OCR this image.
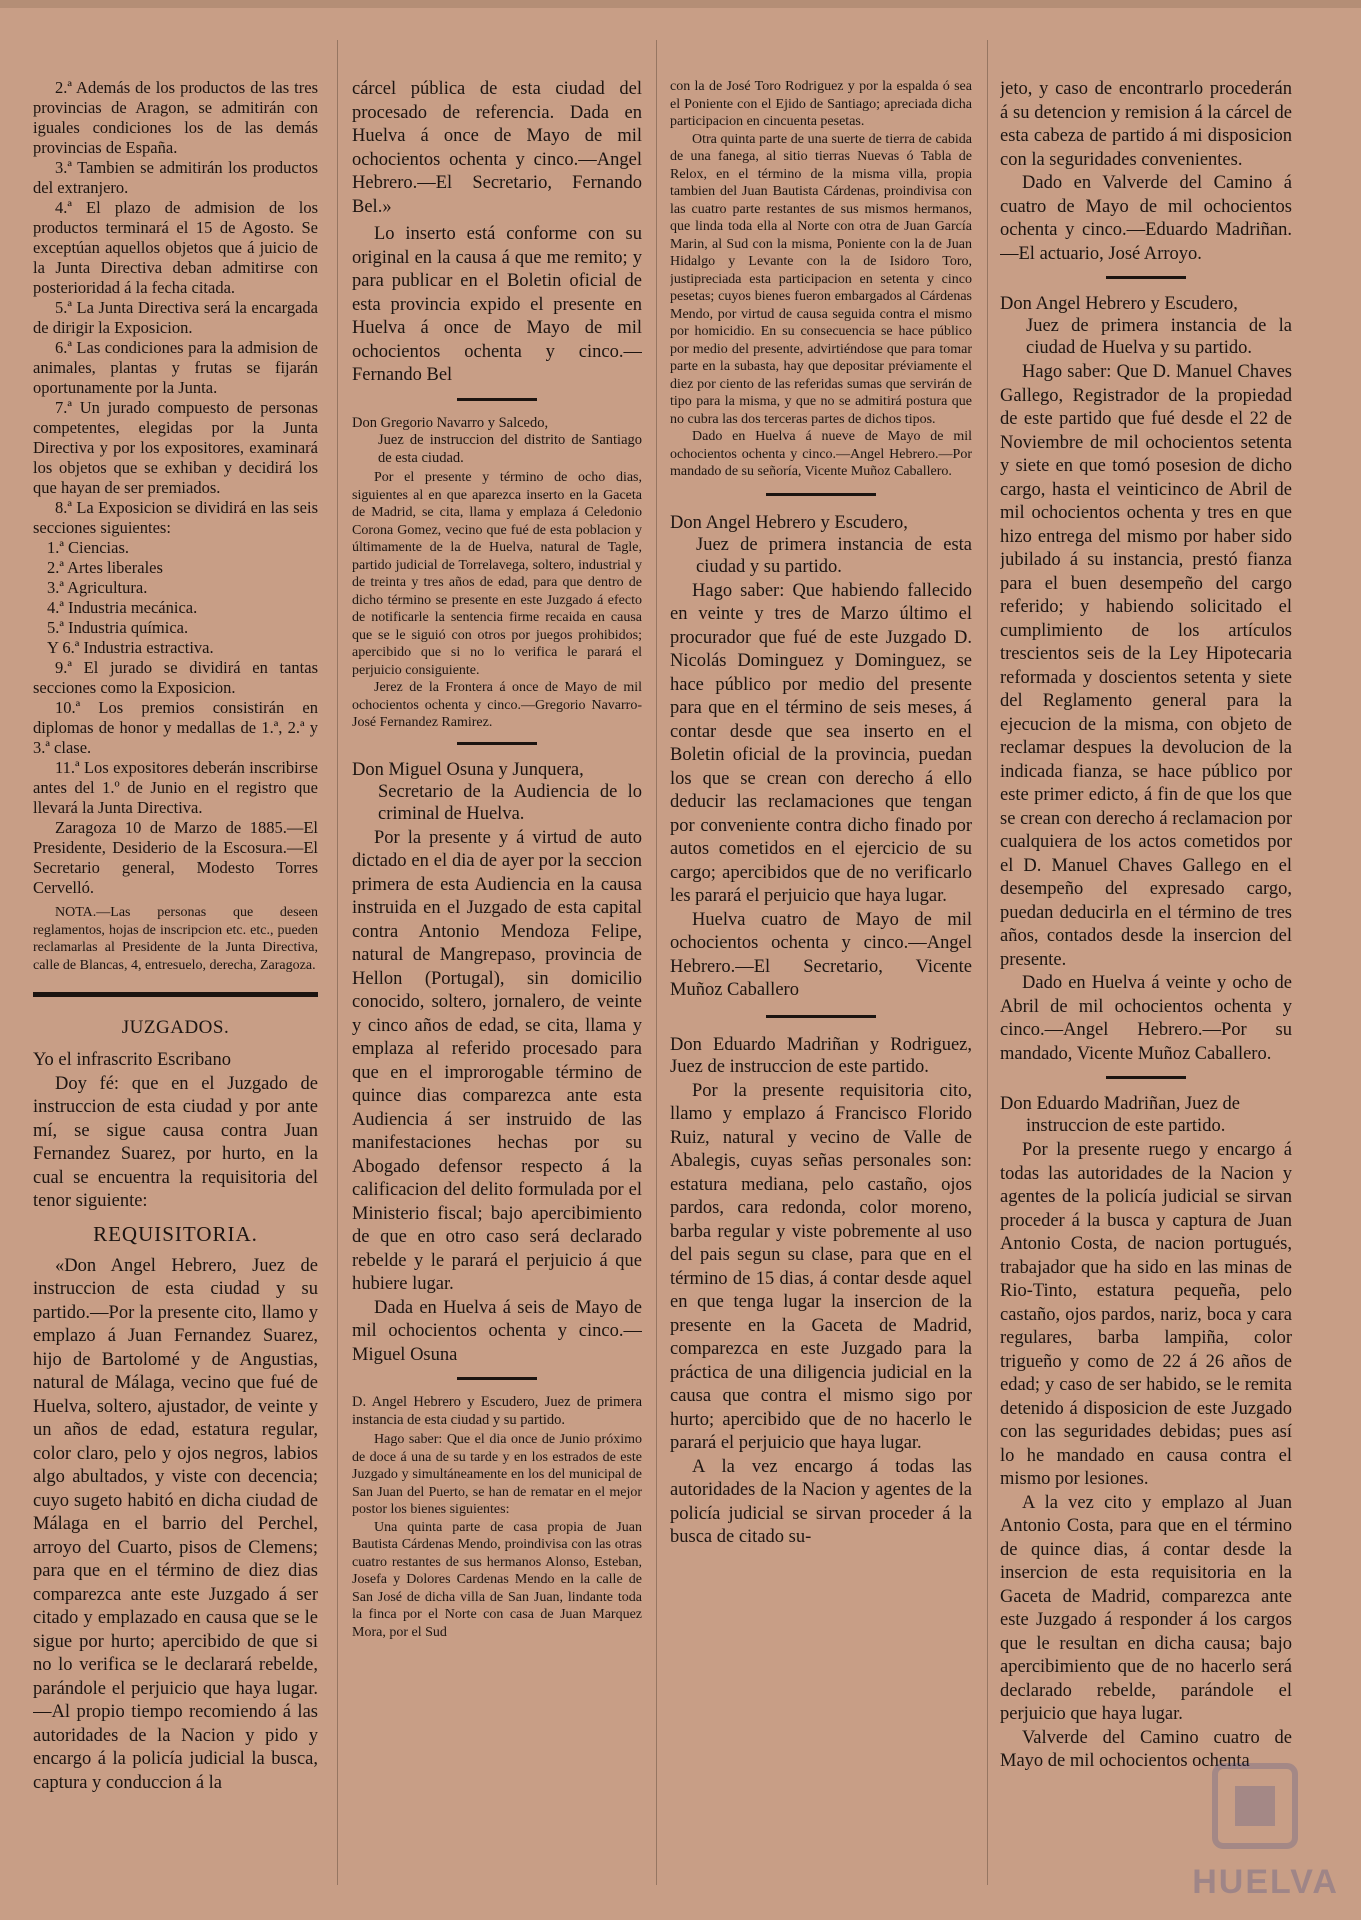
2.ª Además de los productos de las tres provincias de Aragon, se admitirán con iguales condiciones los de las demás provincias de España.

3.ª Tambien se admitirán los productos del extranjero.

4.ª El plazo de admision de los productos terminará el 15 de Agosto. Se exceptúan aquellos objetos que á juicio de la Junta Directiva deban admitirse con posterioridad á la fecha citada.

5.ª La Junta Directiva será la encargada de dirigir la Exposicion.

6.ª Las condiciones para la admision de animales, plantas y frutas se fijarán oportunamente por la Junta.

7.ª Un jurado compuesto de personas competentes, elegidas por la Junta Directiva y por los expositores, examinará los objetos que se exhiban y decidirá los que hayan de ser premiados.

8.ª La Exposicion se dividirá en las seis secciones siguientes:

1.ª Ciencias.
2.ª Artes liberales
3.ª Agricultura.
4.ª Industria mecánica.
5.ª Industria química.
Y 6.ª Industria estractiva.

9.ª El jurado se dividirá en tantas secciones como la Exposicion.

10.ª Los premios consistirán en diplomas de honor y medallas de 1.ª, 2.ª y 3.ª clase.

11.ª Los expositores deberán inscribirse antes del 1.º de Junio en el registro que llevará la Junta Directiva.

Zaragoza 10 de Marzo de 1885.—El Presidente, Desiderio de la Escosura.—El Secretario general, Modesto Torres Cervelló.

NOTA.—Las personas que deseen reglamentos, hojas de inscripcion etc. etc., pueden reclamarlas al Presidente de la Junta Directiva, calle de Blancas, 4, entresuelo, derecha, Zaragoza.

JUZGADOS.

Yo el infrascrito Escribano

Doy fé: que en el Juzgado de instruccion de esta ciudad y por ante mí, se sigue causa contra Juan Fernandez Suarez, por hurto, en la cual se encuentra la requisitoria del tenor siguiente:

REQUISITORIA.

«Don Angel Hebrero, Juez de instruccion de esta ciudad y su partido.—Por la presente cito, llamo y emplazo á Juan Fernandez Suarez, hijo de Bartolomé y de Angustias, natural de Málaga, vecino que fué de Huelva, soltero, ajustador, de veinte y un años de edad, estatura regular, color claro, pelo y ojos negros, labios algo abultados, y viste con decencia; cuyo sugeto habitó en dicha ciudad de Málaga en el barrio del Perchel, arroyo del Cuarto, pisos de Clemens; para que en el término de diez dias comparezca ante este Juzgado á ser citado y emplazado en causa que se le sigue por hurto; apercibido de que si no lo verifica se le declarará rebelde, parándole el perjuicio que haya lugar.—Al propio tiempo recomiendo á las autoridades de la Nacion y pido y encargo á la policía judicial la busca, captura y conduccion á la

cárcel pública de esta ciudad del procesado de referencia. Dada en Huelva á once de Mayo de mil ochocientos ochenta y cinco.—Angel Hebrero.—El Secretario, Fernando Bel.»

Lo inserto está conforme con su original en la causa á que me remito; y para publicar en el Boletin oficial de esta provincia expido el presente en Huelva á once de Mayo de mil ochocientos ochenta y cinco.—Fernando Bel

Don Gregorio Navarro y Salcedo,
Juez de instruccion del distrito de Santiago de esta ciudad.

Por el presente y término de ocho dias, siguientes al en que aparezca inserto en la Gaceta de Madrid, se cita, llama y emplaza á Celedonio Corona Gomez, vecino que fué de esta poblacion y últimamente de la de Huelva, natural de Tagle, partido judicial de Torrelavega, soltero, industrial y de treinta y tres años de edad, para que dentro de dicho término se presente en este Juzgado á efecto de notificarle la sentencia firme recaida en causa que se le siguió con otros por juegos prohibidos; apercibido que si no lo verifica le parará el perjuicio consiguiente.

Jerez de la Frontera á once de Mayo de mil ochocientos ochenta y cinco.—Gregorio Navarro-José Fernandez Ramirez.

Don Miguel Osuna y Junquera,
Secretario de la Audiencia de lo criminal de Huelva.

Por la presente y á virtud de auto dictado en el dia de ayer por la seccion primera de esta Audiencia en la causa instruida en el Juzgado de esta capital contra Antonio Mendoza Felipe, natural de Mangrepaso, provincia de Hellon (Portugal), sin domicilio conocido, soltero, jornalero, de veinte y cinco años de edad, se cita, llama y emplaza al referido procesado para que en el improrogable término de quince dias comparezca ante esta Audiencia á ser instruido de las manifestaciones hechas por su Abogado defensor respecto á la calificacion del delito formulada por el Ministerio fiscal; bajo apercibimiento de que en otro caso será declarado rebelde y le parará el perjuicio á que hubiere lugar.

Dada en Huelva á seis de Mayo de mil ochocientos ochenta y cinco.—Miguel Osuna

D. Angel Hebrero y Escudero, Juez de primera instancia de esta ciudad y su partido.

Hago saber: Que el dia once de Junio próximo de doce á una de su tarde y en los estrados de este Juzgado y simultáneamente en los del municipal de San Juan del Puerto, se han de rematar en el mejor postor los bienes siguientes:

Una quinta parte de casa propia de Juan Bautista Cárdenas Mendo, proindivisa con las otras cuatro restantes de sus hermanos Alonso, Esteban, Josefa y Dolores Cardenas Mendo en la calle de San José de dicha villa de San Juan, lindante toda la finca por el Norte con casa de Juan Marquez Mora, por el Sud

con la de José Toro Rodriguez y por la espalda ó sea el Poniente con el Ejido de Santiago; apreciada dicha participacion en cincuenta pesetas.

Otra quinta parte de una suerte de tierra de cabida de una fanega, al sitio tierras Nuevas ó Tabla de Relox, en el término de la misma villa, propia tambien del Juan Bautista Cárdenas, proindivisa con las cuatro parte restantes de sus mismos hermanos, que linda toda ella al Norte con otra de Juan García Marin, al Sud con la misma, Poniente con la de Juan Hidalgo y Levante con la de Isidoro Toro, justipreciada esta participacion en setenta y cinco pesetas; cuyos bienes fueron embargados al Cárdenas Mendo, por virtud de causa seguida contra el mismo por homicidio. En su consecuencia se hace público por medio del presente, advirtiéndose que para tomar parte en la subasta, hay que depositar préviamente el diez por ciento de las referidas sumas que servirán de tipo para la misma, y que no se admitirá postura que no cubra las dos terceras partes de dichos tipos.

Dado en Huelva á nueve de Mayo de mil ochocientos ochenta y cinco.—Angel Hebrero.—Por mandado de su señoría, Vicente Muñoz Caballero.

Don Angel Hebrero y Escudero,
Juez de primera instancia de esta ciudad y su partido.

Hago saber: Que habiendo fallecido en veinte y tres de Marzo último el procurador que fué de este Juzgado D. Nicolás Dominguez y Dominguez, se hace público por medio del presente para que en el término de seis meses, á contar desde que sea inserto en el Boletin oficial de la provincia, puedan los que se crean con derecho á ello deducir las reclamaciones que tengan por conveniente contra dicho finado por autos cometidos en el ejercicio de su cargo; apercibidos que de no verificarlo les parará el perjuicio que haya lugar.

Huelva cuatro de Mayo de mil ochocientos ochenta y cinco.—Angel Hebrero.—El Secretario, Vicente Muñoz Caballero

Don Eduardo Madriñan y Rodriguez, Juez de instruccion de este partido.

Por la presente requisitoria cito, llamo y emplazo á Francisco Florido Ruiz, natural y vecino de Valle de Abalegis, cuyas señas personales son: estatura mediana, pelo castaño, ojos pardos, cara redonda, color moreno, barba regular y viste pobremente al uso del pais segun su clase, para que en el término de 15 dias, á contar desde aquel en que tenga lugar la insercion de la presente en la Gaceta de Madrid, comparezca en este Juzgado para la práctica de una diligencia judicial en la causa que contra el mismo sigo por hurto; apercibido que de no hacerlo le parará el perjuicio que haya lugar.

A la vez encargo á todas las autoridades de la Nacion y agentes de la policía judicial se sirvan proceder á la busca de citado su-

jeto, y caso de encontrarlo procederán á su detencion y remision á la cárcel de esta cabeza de partido á mi disposicion con la seguridades convenientes.

Dado en Valverde del Camino á cuatro de Mayo de mil ochocientos ochenta y cinco.—Eduardo Madriñan.—El actuario, José Arroyo.

Don Angel Hebrero y Escudero,
Juez de primera instancia de la ciudad de Huelva y su partido.

Hago saber: Que D. Manuel Chaves Gallego, Registrador de la propiedad de este partido que fué desde el 22 de Noviembre de mil ochocientos setenta y siete en que tomó posesion de dicho cargo, hasta el veinticinco de Abril de mil ochocientos ochenta y tres en que hizo entrega del mismo por haber sido jubilado á su instancia, prestó fianza para el buen desempeño del cargo referido; y habiendo solicitado el cumplimiento de los artículos trescientos seis de la Ley Hipotecaria reformada y doscientos setenta y siete del Reglamento general para la ejecucion de la misma, con objeto de reclamar despues la devolucion de la indicada fianza, se hace público por este primer edicto, á fin de que los que se crean con derecho á reclamacion por cualquiera de los actos cometidos por el D. Manuel Chaves Gallego en el desempeño del expresado cargo, puedan deducirla en el término de tres años, contados desde la insercion del presente.

Dado en Huelva á veinte y ocho de Abril de mil ochocientos ochenta y cinco.—Angel Hebrero.—Por su mandado, Vicente Muñoz Caballero.

Don Eduardo Madriñan, Juez de
instruccion de este partido.

Por la presente ruego y encargo á todas las autoridades de la Nacion y agentes de la policía judicial se sirvan proceder á la busca y captura de Juan Antonio Costa, de nacion portugués, trabajador que ha sido en las minas de Rio-Tinto, estatura pequeña, pelo castaño, ojos pardos, nariz, boca y cara regulares, barba lampiña, color trigueño y como de 22 á 26 años de edad; y caso de ser habido, se le remita detenido á disposicion de este Juzgado con las seguridades debidas; pues así lo he mandado en causa contra el mismo por lesiones.

A la vez cito y emplazo al Juan Antonio Costa, para que en el término de quince dias, á contar desde la insercion de esta requisitoria en la Gaceta de Madrid, comparezca ante este Juzgado á responder á los cargos que le resultan en dicha causa; bajo apercibimiento que de no hacerlo será declarado rebelde, parándole el perjuicio que haya lugar.

Valverde del Camino cuatro de Mayo de mil ochocientos ochenta

HUELVA
